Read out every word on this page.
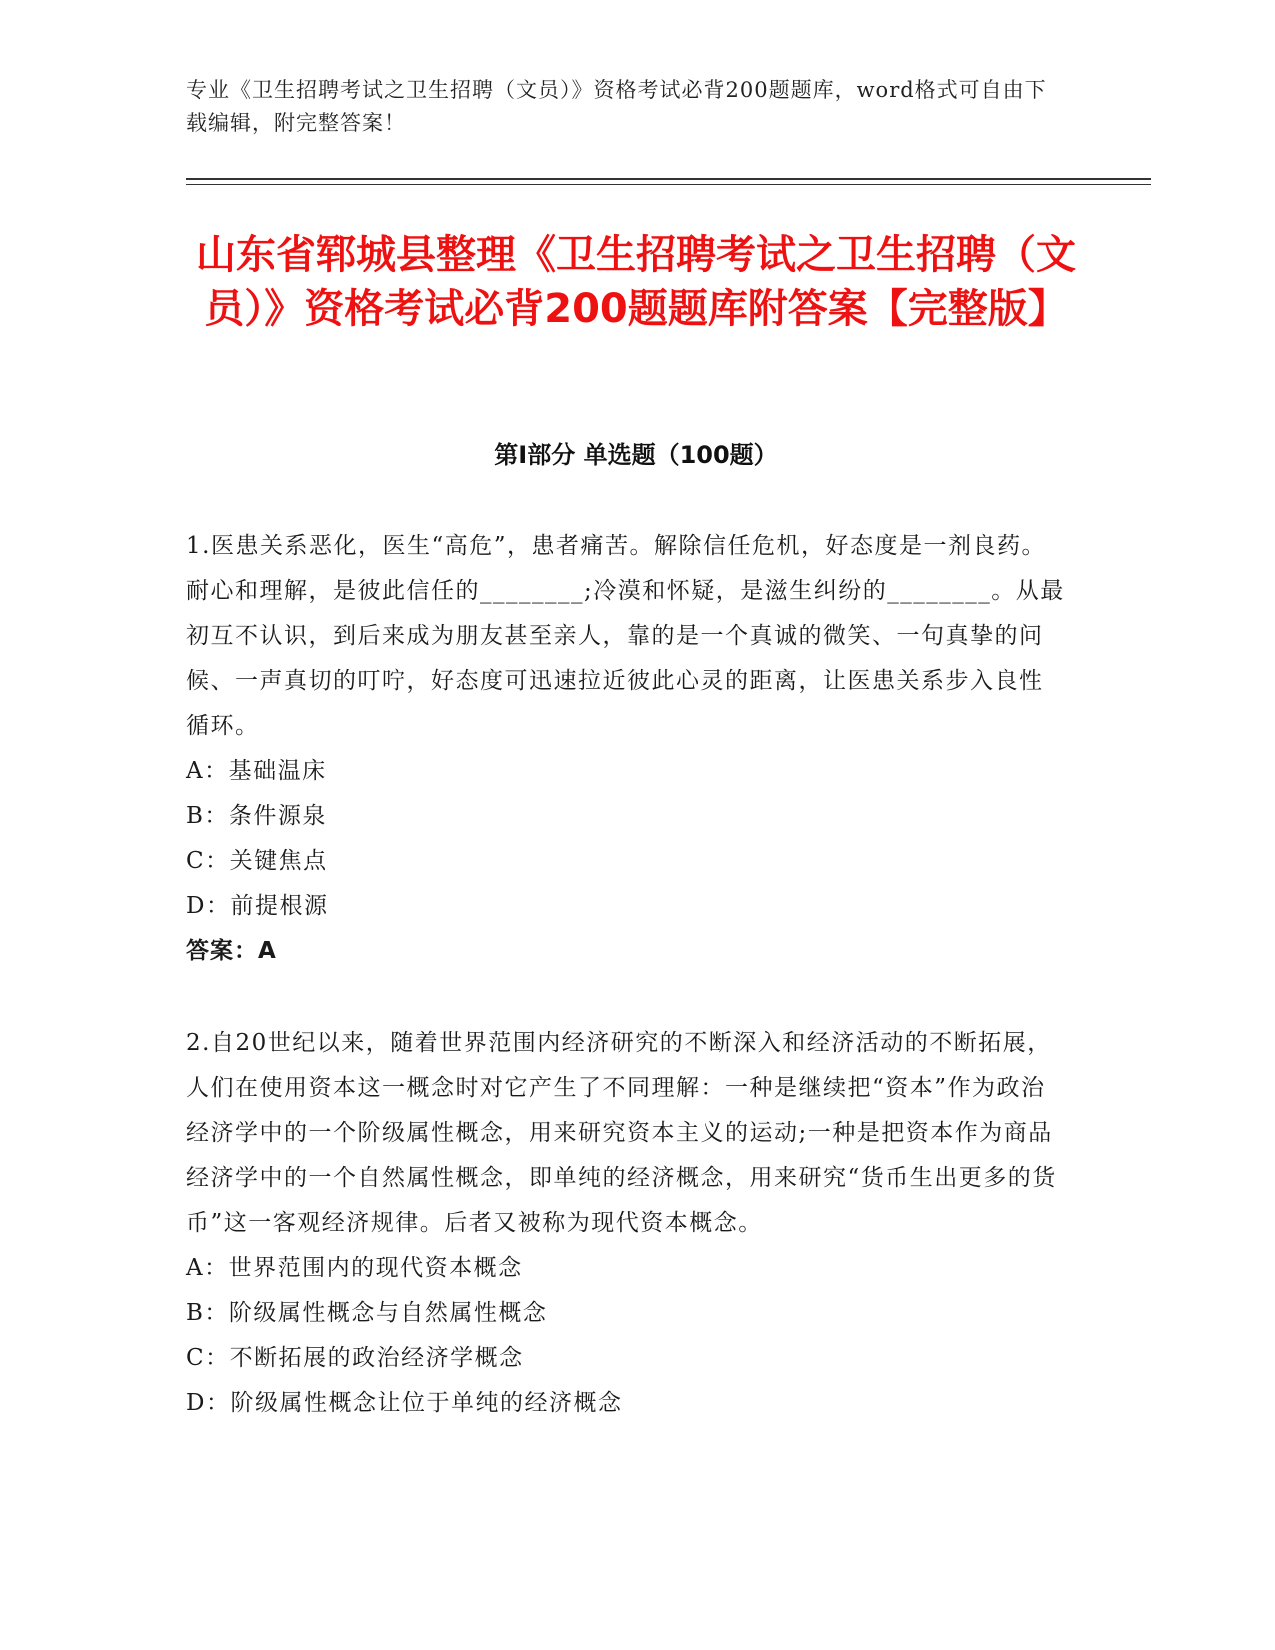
专业《卫生招聘考试之卫生招聘（文员）》资格考试必背200题题库，word格式可自由下载编辑，附完整答案！
山东省郓城县整理《卫生招聘考试之卫生招聘（文员）》资格考试必背200题题库附答案【完整版】
第Ⅰ部分 单选题（100题）

1.医患关系恶化，医生“高危”，患者痛苦。解除信任危机，好态度是一剂良药。耐心和理解，是彼此信任的________;冷漠和怀疑，是滋生纠纷的________。从最初互不认识，到后来成为朋友甚至亲人，靠的是一个真诚的微笑、一句真挚的问候、一声真切的叮咛，好态度可迅速拉近彼此心灵的距离，让医患关系步入良性循环。

A：基础温床

B：条件源泉

C：关键焦点

D：前提根源

答案：A

2.自20世纪以来，随着世界范围内经济研究的不断深入和经济活动的不断拓展，人们在使用资本这一概念时对它产生了不同理解：一种是继续把“资本”作为政治经济学中的一个阶级属性概念，用来研究资本主义的运动;一种是把资本作为商品经济学中的一个自然属性概念，即单纯的经济概念，用来研究“货币生出更多的货币”这一客观经济规律。后者又被称为现代资本概念。

A：世界范围内的现代资本概念

B：阶级属性概念与自然属性概念

C：不断拓展的政治经济学概念

D：阶级属性概念让位于单纯的经济概念
